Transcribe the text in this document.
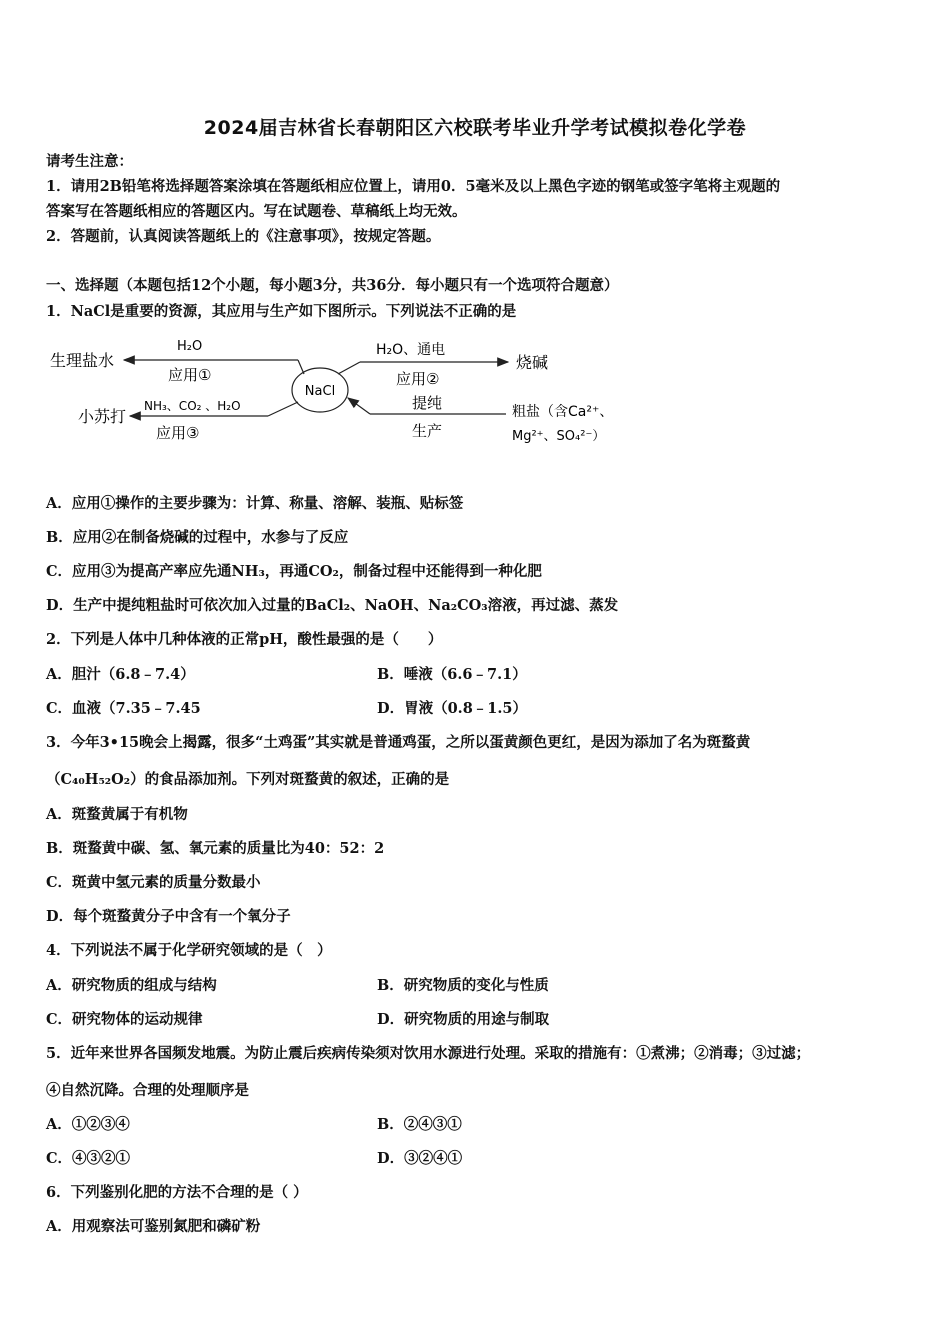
2024届吉林省长春朝阳区六校联考毕业升学考试模拟卷化学卷
请考生注意：
1．请用2B铅笔将选择题答案涂填在答题纸相应位置上，请用0．5毫米及以上黑色字迹的钢笔或签字笔将主观题的
答案写在答题纸相应的答题区内。写在试题卷、草稿纸上均无效。
2．答题前，认真阅读答题纸上的《注意事项》，按规定答题。
一、选择题（本题包括12个小题，每小题3分，共36分．每小题只有一个选项符合题意）
1．NaCl是重要的资源，其应用与生产如下图所示。下列说法不正确的是
NaCl
生理盐水
H₂O
应用①
小苏打
NH₃、CO₂ 、H₂O
应用③
烧碱
H₂O、通电
应用②
提纯
生产
粗盐（含Ca²⁺、
Mg²⁺、SO₄²⁻）
A．应用①操作的主要步骤为：计算、称量、溶解、装瓶、贴标签
B．应用②在制备烧碱的过程中，水参与了反应
C．应用③为提高产率应先通NH₃，再通CO₂，制备过程中还能得到一种化肥
D．生产中提纯粗盐时可依次加入过量的BaCl₂、NaOH、Na₂CO₃溶液，再过滤、蒸发
2．下列是人体中几种体液的正常pH，酸性最强的是（　　）
A．胆汁（6.8﹣7.4）	B．唾液（6.6﹣7.1）
C．血液（7.35﹣7.45	D．胃液（0.8﹣1.5）
3．今年3•15晚会上揭露，很多“土鸡蛋”其实就是普通鸡蛋，之所以蛋黄颜色更红，是因为添加了名为斑蝥黄
（C₄₀H₅₂O₂）的食品添加剂。下列对斑蝥黄的叙述，正确的是
A．斑蝥黄属于有机物
B．斑蝥黄中碳、氢、氧元素的质量比为40：52：2
C．斑黄中氢元素的质量分数最小
D．每个斑蝥黄分子中含有一个氧分子
4．下列说法不属于化学研究领域的是（　）
A．研究物质的组成与结构	B．研究物质的变化与性质
C．研究物体的运动规律	D．研究物质的用途与制取
5．近年来世界各国频发地震。为防止震后疾病传染须对饮用水源进行处理。采取的措施有：①煮沸；②消毒；③过滤；
④自然沉降。合理的处理顺序是
A．①②③④	B．②④③①
C．④③②①	D．③②④①
6．下列鉴别化肥的方法不合理的是（ ）
A．用观察法可鉴别氮肥和磷矿粉
